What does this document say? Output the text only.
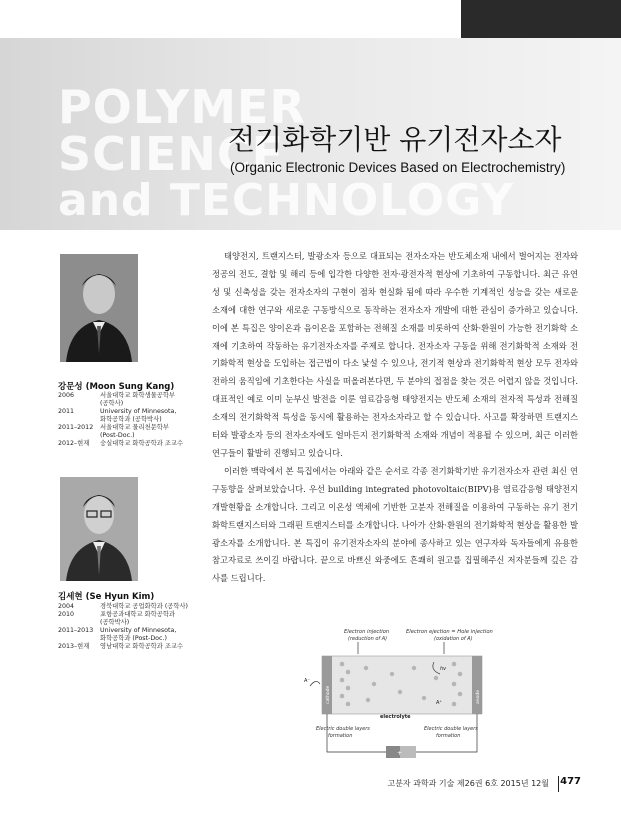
POLYMER
SCIENCE
and TECHNOLOGY
전기화학기반 유기전자소자
(Organic Electronic Devices Based on Electrochemistry)
강문성 (Moon Sung Kang)
2006	서울대학교 화학생물공학부
(공학사)
2011	University of Minnesota,
화학공학과 (공학박사)
2011–2012	서울대학교 물리천문학부
(Post-Doc.)
2012–현재	숭실대학교 화학공학과 조교수
김세현 (Se Hyun Kim)
2004	경북대학교 공업화학과 (공학사)
2010	포항공과대학교 화학공학과
(공학박사)
2011–2013	University of Minnesota,
화학공학과 (Post-Doc.)
2013–현재	영남대학교 화학공학과 조교수

태양전지, 트랜지스터, 발광소자 등으로 대표되는 전자소자는 반도체소재 내에서 벌어지는 전자와 정공의 전도, 결합 및 해리 등에 입각한 다양한 전자·광전자적 현상에 기초하여 구동합니다. 최근 유연성 및 신축성을 갖는 전자소자의 구현이 점차 현실화 됨에 따라 우수한 기계적인 성능을 갖는 새로운 소재에 대한 연구와 새로운 구동방식으로 동작하는 전자소자 개발에 대한 관심이 증가하고 있습니다. 이에 본 특집은 양이온과 음이온을 포함하는 전해질 소재를 비롯하여 산화·환원이 가능한 전기화학 소재에 기초하여 작동하는 유기전자소자를 주제로 합니다. 전자소자 구동을 위해 전기화학적 소재와 전기화학적 현상을 도입하는 접근법이 다소 낯설 수 있으나, 전기적 현상과 전기화학적 현상 모두 전자와 전하의 움직임에 기초한다는 사실을 떠올려본다면, 두 분야의 접점을 찾는 것은 어렵지 않을 것입니다. 대표적인 예로 이미 눈부신 발전을 이룬 염료감응형 태양전지는 반도체 소재의 전자적 특성과 전해질 소재의 전기화학적 특성을 동시에 활용하는 전자소자라고 할 수 있습니다. 사고를 확장하면 트랜지스터와 발광소자 등의 전자소자에도 얼마든지 전기화학적 소재와 개념이 적용될 수 있으며, 최근 이러한 연구들이 활발히 진행되고 있습니다.

이러한 맥락에서 본 특집에서는 아래와 같은 순서로 각종 전기화학기반 유기전자소자 관련 최신 연구동향을 살펴보았습니다. 우선 building integrated photovoltaic(BIPV)용 염료감응형 태양전지 개발현황을 소개합니다. 그리고 이온성 액체에 기반한 고분자 전해질을 이용하여 구동하는 유기 전기화학트랜지스터와 그래핀 트랜지스터를 소개합니다. 나아가 산화·환원의 전기화학적 현상을 활용한 발광소자를 소개합니다. 본 특집이 유기전자소자의 분야에 종사하고 있는 연구자와 독자들에게 유용한 참고자료로 쓰이길 바랍니다. 끝으로 바쁘신 와중에도 흔쾌히 원고를 집필해주신 저자분들께 깊은 감사를 드립니다.

Electron injection
(reduction of A)
Electron ejection = Hole injection
(oxidation of A)
cathode	anode
electrolyte
A⁻
A⁺
hv
Electric double layers
formation
Electric double layers
formation
+
고분자 과학과 기술 제26권 6호 2015년 12월 477
